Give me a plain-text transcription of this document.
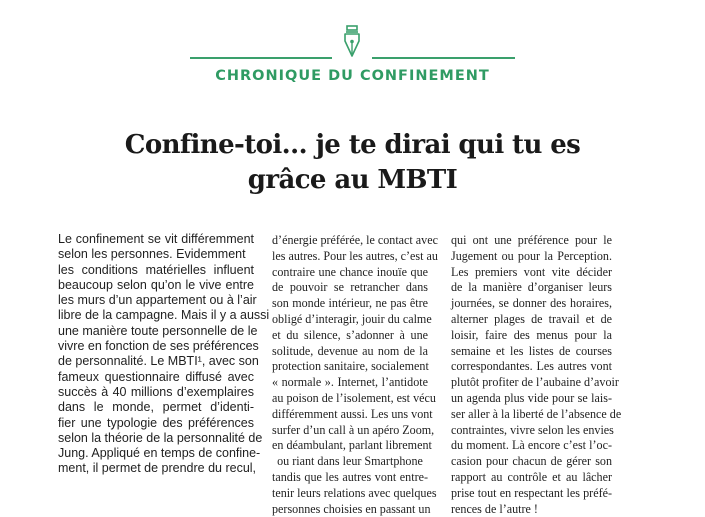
CHRONIQUE DU CONFINEMENT
Confine-toi… je te dirai qui tu es
grâce au MBTI

Le confinement se vit différemment
selon les personnes. Evidemment
les conditions matérielles influent
beaucoup selon qu’on le vive entre
les murs d’un appartement ou à l’air
libre de la campagne. Mais il y a aussi
une manière toute personnelle de le
vivre en fonction de ses préférences
de personnalité. Le MBTI¹, avec son
fameux questionnaire diffusé avec
succès à 40 millions d’exemplaires
dans le monde, permet d’identi-
fier une typologie des préférences
selon la théorie de la personnalité de
Jung. Appliqué en temps de confine-
ment, il permet de prendre du recul,

d’énergie préférée, le contact avec
les autres. Pour les autres, c’est au
contraire une chance inouïe que
de pouvoir se retrancher dans
son monde intérieur, ne pas être
obligé d’interagir, jouir du calme
et du silence, s’adonner à une
solitude, devenue au nom de la
protection sanitaire, socialement
« normale ». Internet, l’antidote
au poison de l’isolement, est vécu
différemment aussi. Les uns vont
surfer d’un call à un apéro Zoom,
en déambulant, parlant librement
ou riant dans leur Smartphone
tandis que les autres vont entre-
tenir leurs relations avec quelques
personnes choisies en passant un

qui ont une préférence pour le
Jugement ou pour la Perception.
Les premiers vont vite décider
de la manière d’organiser leurs
journées, se donner des horaires,
alterner plages de travail et de
loisir, faire des menus pour la
semaine et les listes de courses
correspondantes. Les autres vont
plutôt profiter de l’aubaine d’avoir
un agenda plus vide pour se lais-
ser aller à la liberté de l’absence de
contraintes, vivre selon les envies
du moment. Là encore c’est l’oc-
casion pour chacun de gérer son
rapport au contrôle et au lâcher
prise tout en respectant les préfé-
rences de l’autre !
